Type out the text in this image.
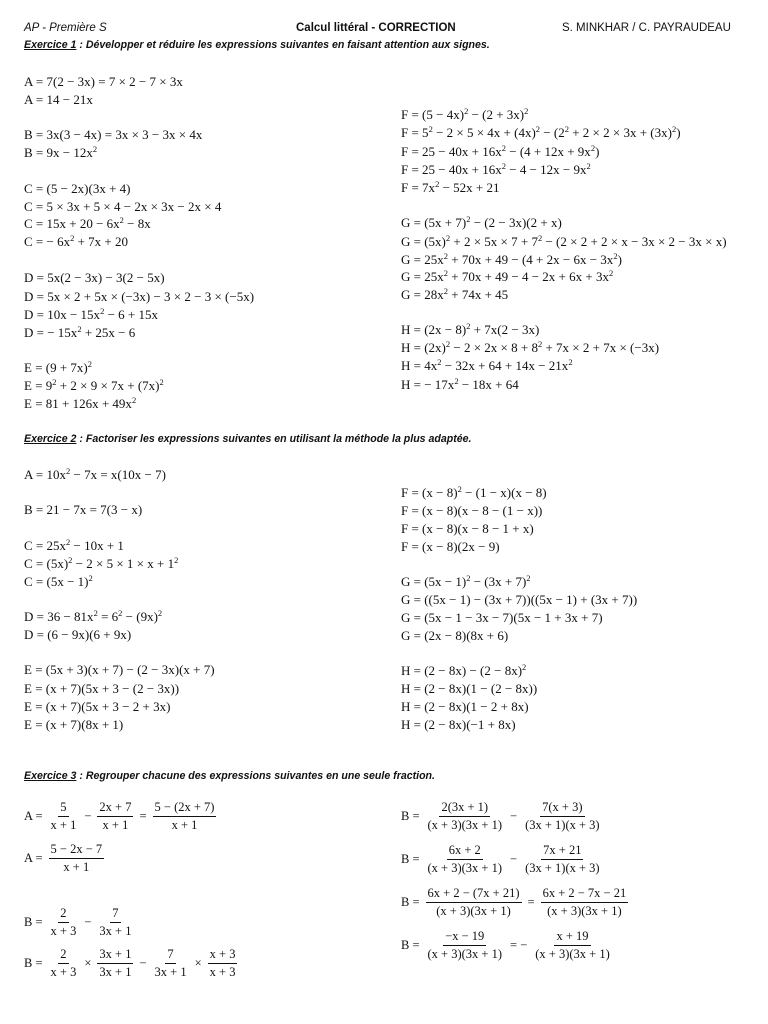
AP - Première S	Calcul littéral - CORRECTION	S. MINKHAR / C. PAYRAUDEAU
Exercice 1 : Développer et réduire les expressions suivantes en faisant attention aux signes.
Exercice 2 : Factoriser les expressions suivantes en utilisant la méthode la plus adaptée.
Exercice 3 : Regrouper chacune des expressions suivantes en une seule fraction.
A = 7(2 − 3x) = 7 × 2 − 7 × 3x
A = 14 − 21x
B = 3x(3 − 4x) = 3x × 3 − 3x × 4x
$B = 9x - 12x^2$
C = (5 − 2x)(3x + 4)
C = 5 × 3x + 5 × 4 − 2x × 3x − 2x × 4
$C = 15x + 20 - 6x^2 - 8x$
C = − $6x^2 + 7x + 20$
D = 5x(2 − 3x) − 3(2 − 5x)
D = 5x × 2 + 5x × (−3x) − 3 × 2 − 3 × (−5x)
$D = 10x - 15x^2 - 6 + 15x$
D = − $15x^2 + 25x - 6$
$E = (9 + 7x)^2$
$E = 9^2 + 2 \times 9 \times 7x + (7x)^2$
$E = 81 + 126x + 49x^2$
$F = (5 - 4x)^2 - (2 + 3x)^2$
$F = 5^2 - 2 \times 5 \times 4x + (4x)^2 - (2^2 + 2 \times 2 \times 3x + (3x)^2)$
$F = 25 - 40x + 16x^2 - (4 + 12x + 9x^2)$
$F = 25 - 40x + 16x^2 - 4 - 12x - 9x^2$
$F = 7x^2 - 52x + 21$
$G = (5x + 7)^2 - (2 - 3x)(2 + x)$
$G = (5x)^2 + 2 \times 5x \times 7 + 7^2 - (2 \times 2 + 2 \times x - 3x \times 2 - 3x \times x)$
$G = 25x^2 + 70x + 49 - (4 + 2x - 6x - 3x^2)$
$G = 25x^2 + 70x + 49 - 4 - 2x + 6x + 3x^2$
$G = 28x^2 + 74x + 45$
$H = (2x - 8)^2 + 7x(2 - 3x)$
$H = (2x)^2 - 2 \times 2x \times 8 + 8^2 + 7x \times 2 + 7x \times (-3x)$
$H = 4x^2 - 32x + 64 + 14x - 21x^2$
H = − $17x^2 - 18x + 64$
$A = 10x^2 - 7x = x(10x - 7)$
B = 21 − 7x = 7(3 − x)
$C = 25x^2 - 10x + 1$
$C = (5x)^2 - 2 \times 5 \times 1 \times x + 1^2$
$C = (5x - 1)^2$
$D = 36 - 81x^2 = 6^2 - (9x)^2$
D = (6 − 9x)(6 + 9x)
E = (5x + 3)(x + 7) − (2 − 3x)(x + 7)
E = (x + 7)(5x + 3 − (2 − 3x))
E = (x + 7)(5x + 3 − 2 + 3x)
E = (x + 7)(8x + 1)
$F = (x - 8)^2 - (1 - x)(x - 8)$
F = (x − 8)(x − 8 − (1 − x))
F = (x − 8)(x − 8 − 1 + x)
F = (x − 8)(2x − 9)
$G = (5x - 1)^2 - (3x + 7)^2$
G = ((5x − 1) − (3x + 7))((5x − 1) + (3x + 7))
G = (5x − 1 − 3x − 7)(5x − 1 + 3x + 7)
G = (2x − 8)(8x + 6)
$H = (2 - 8x) - (2 - 8x)^2$
H = (2 − 8x)(1 − (2 − 8x))
H = (2 − 8x)(1 − 2 + 8x)
H = (2 − 8x)(−1 + 8x)
$A = \frac{5}{x + 1} - \frac{2x + 7}{x + 1} = \frac{5 - (2x + 7)}{x + 1}$
$A = \frac{5 - 2x - 7}{x + 1}$
$B = \frac{2}{x + 3} - \frac{7}{3x + 1}$
$B = \frac{2}{x + 3} \times \frac{3x + 1}{3x + 1} - \frac{7}{3x + 1} \times \frac{x + 3}{x + 3}$
$B = \frac{2(3x + 1)}{(x + 3)(3x + 1)} - \frac{7(x + 3)}{(3x + 1)(x + 3)}$
$B = \frac{6x + 2}{(x + 3)(3x + 1)} - \frac{7x + 21}{(3x + 1)(x + 3)}$
$B = \frac{6x + 2 - (7x + 21)}{(x + 3)(3x + 1)} = \frac{6x + 2 - 7x - 21}{(x + 3)(3x + 1)}$
$B = \frac{-x - 19}{(x + 3)(3x + 1)}$ = − $\frac{x + 19}{(x + 3)(3x + 1)}$
